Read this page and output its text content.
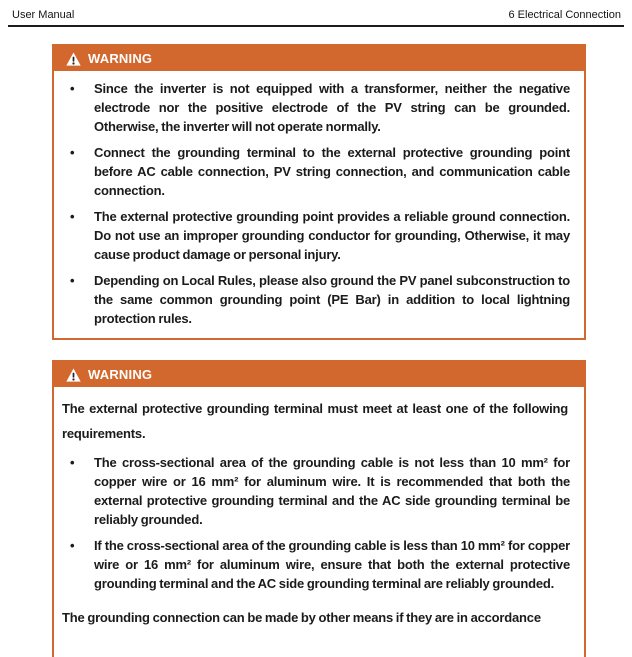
User Manual	6 Electrical Connection
WARNING
•	Since the inverter is not equipped with a transformer, neither the negative electrode nor the positive electrode of the PV string can be grounded. Otherwise, the inverter will not operate normally.
•	Connect the grounding terminal to the external protective grounding point before AC cable connection, PV string connection, and communication cable connection.
•	The external protective grounding point provides a reliable ground connection. Do not use an improper grounding conductor for grounding, Otherwise, it may cause product damage or personal injury.
•	Depending on Local Rules, please also ground the PV panel subconstruction to the same common grounding point (PE Bar) in addition to local lightning protection rules.
WARNING
The external protective grounding terminal must meet at least one of the following requirements.
•	The cross-sectional area of the grounding cable is not less than 10 mm² for copper wire or 16 mm² for aluminum wire. It is recommended that both the external protective grounding terminal and the AC side grounding terminal be reliably grounded.
•	If the cross-sectional area of the grounding cable is less than 10 mm² for copper wire or 16 mm² for aluminum wire, ensure that both the external protective grounding terminal and the AC side grounding terminal are reliably grounded.
The grounding connection can be made by other means if they are in accordance
